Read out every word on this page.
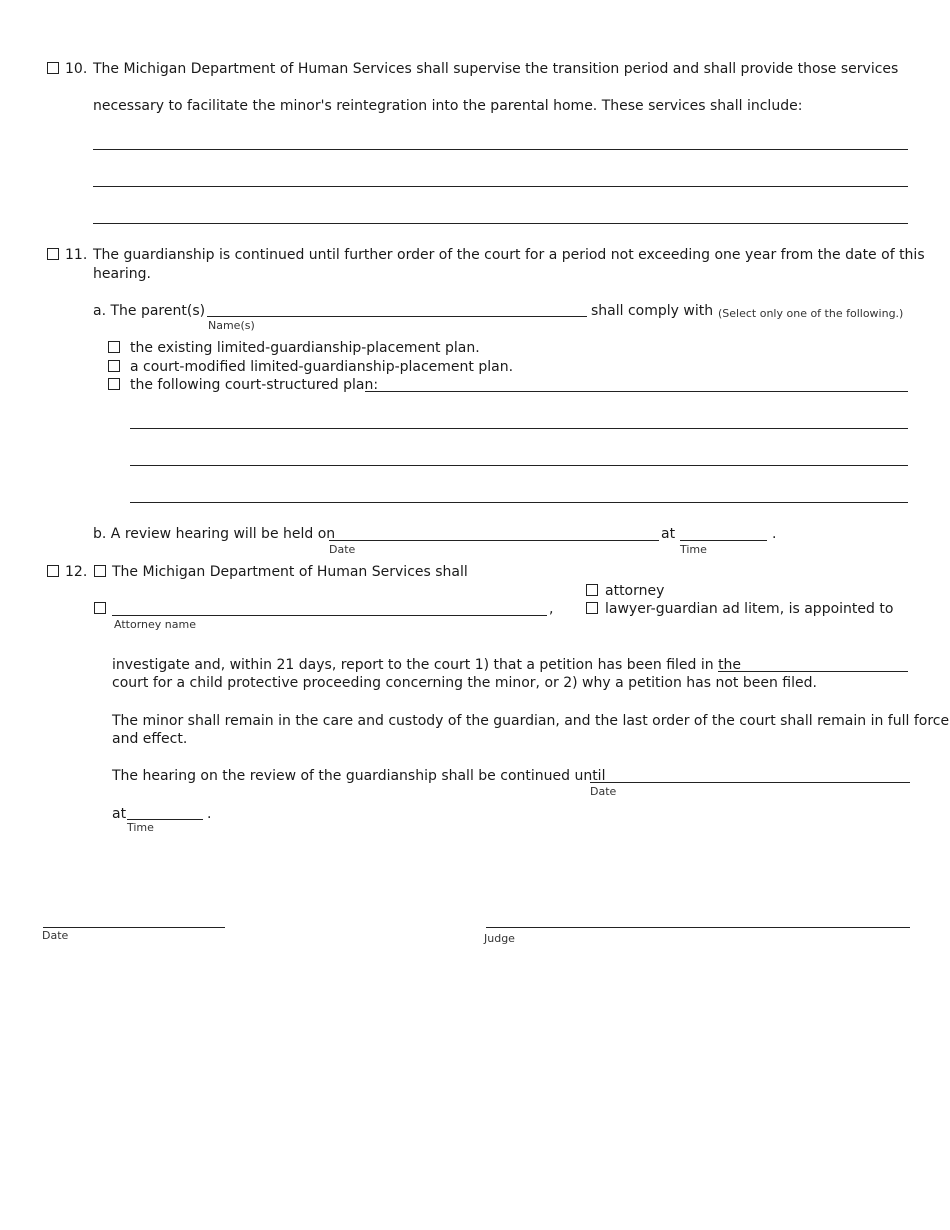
10. The Michigan Department of Human Services shall supervise the transition period and shall provide those services
necessary to facilitate the minor's reintegration into the parental home. These services shall include:
11. The guardianship is continued until further order of the court for a period not exceeding one year from the date of this
hearing.
a. The parent(s)
Name(s)
shall comply with (Select only one of the following.)
the existing limited-guardianship-placement plan.
a court-modified limited-guardianship-placement plan.
the following court-structured plan:
b. A review hearing will be held on
Date
at
Time
.
12. The Michigan Department of Human Services shall
Attorney name
,
attorney
lawyer-guardian ad litem, is appointed to
investigate and, within 21 days, report to the court 1) that a petition has been filed in the
court for a child protective proceeding concerning the minor, or 2) why a petition has not been filed.
The minor shall remain in the care and custody of the guardian, and the last order of the court shall remain in full force
and effect.
The hearing on the review of the guardianship shall be continued until
Date
at
Time
.
Date	Judge
